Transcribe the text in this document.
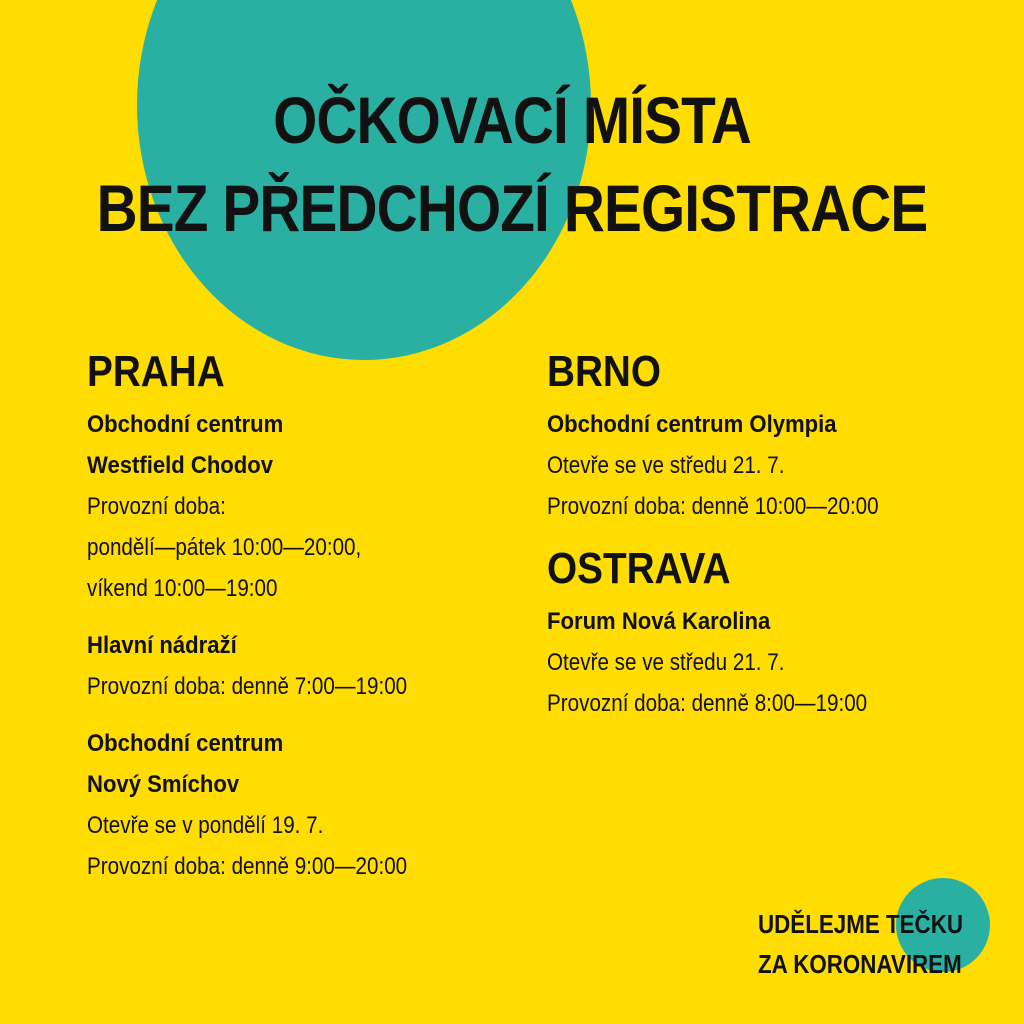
OČKOVACÍ MÍSTA
BEZ PŘEDCHOZÍ REGISTRACE
PRAHA

Obchodní centrum

Westfield Chodov

Provozní doba:

pondělí—pátek 10:00—20:00,

víkend 10:00—19:00

Hlavní nádraží

Provozní doba: denně 7:00—19:00

Obchodní centrum

Nový Smíchov

Otevře se v pondělí 19. 7.

Provozní doba: denně 9:00—20:00

BRNO

Obchodní centrum Olympia

Otevře se ve středu 21. 7.

Provozní doba: denně 10:00—20:00

OSTRAVA

Forum Nová Karolina

Otevře se ve středu 21. 7.

Provozní doba: denně 8:00—19:00

UDĚLEJME TEČKU
ZA KORONAVIREM
